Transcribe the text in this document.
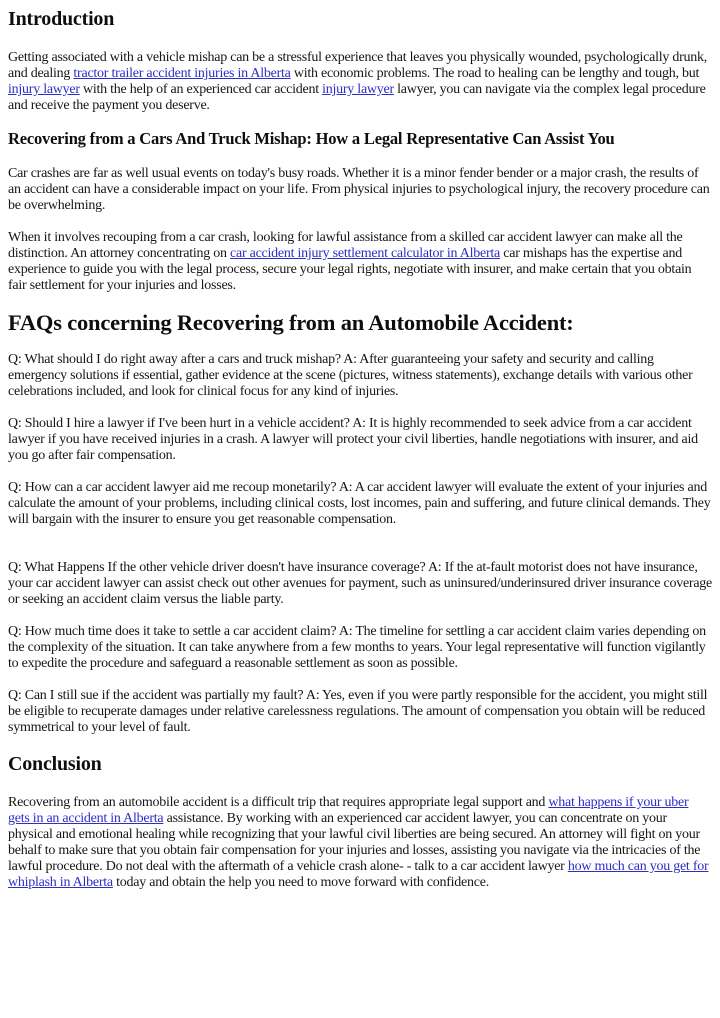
Introduction

Getting associated with a vehicle mishap can be a stressful experience that leaves you physically wounded, psychologically drunk, and dealing tractor trailer accident injuries in Alberta with economic problems. The road to healing can be lengthy and tough, but injury lawyer with the help of an experienced car accident injury lawyer lawyer, you can navigate via the complex legal procedure and receive the payment you deserve.

Recovering from a Cars And Truck Mishap: How a Legal Representative Can Assist You

Car crashes are far as well usual events on today's busy roads. Whether it is a minor fender bender or a major crash, the results of an accident can have a considerable impact on your life. From physical injuries to psychological injury, the recovery procedure can be overwhelming.

When it involves recouping from a car crash, looking for lawful assistance from a skilled car accident lawyer can make all the distinction. An attorney concentrating on car accident injury settlement calculator in Alberta car mishaps has the expertise and experience to guide you with the legal process, secure your legal rights, negotiate with insurer, and make certain that you obtain fair settlement for your injuries and losses.

FAQs concerning Recovering from an Automobile Accident:

Q: What should I do right away after a cars and truck mishap? A: After guaranteeing your safety and security and calling emergency solutions if essential, gather evidence at the scene (pictures, witness statements), exchange details with various other celebrations included, and look for clinical focus for any kind of injuries.

Q: Should I hire a lawyer if I've been hurt in a vehicle accident? A: It is highly recommended to seek advice from a car accident lawyer if you have received injuries in a crash. A lawyer will protect your civil liberties, handle negotiations with insurer, and aid you go after fair compensation.

Q: How can a car accident lawyer aid me recoup monetarily? A: A car accident lawyer will evaluate the extent of your injuries and calculate the amount of your problems, including clinical costs, lost incomes, pain and suffering, and future clinical demands. They will bargain with the insurer to ensure you get reasonable compensation.

Q: What Happens If the other vehicle driver doesn't have insurance coverage? A: If the at-fault motorist does not have insurance, your car accident lawyer can assist check out other avenues for payment, such as uninsured/underinsured driver insurance coverage or seeking an accident claim versus the liable party.

Q: How much time does it take to settle a car accident claim? A: The timeline for settling a car accident claim varies depending on the complexity of the situation. It can take anywhere from a few months to years. Your legal representative will function vigilantly to expedite the procedure and safeguard a reasonable settlement as soon as possible.

Q: Can I still sue if the accident was partially my fault? A: Yes, even if you were partly responsible for the accident, you might still be eligible to recuperate damages under relative carelessness regulations. The amount of compensation you obtain will be reduced symmetrical to your level of fault.

Conclusion

Recovering from an automobile accident is a difficult trip that requires appropriate legal support and what happens if your uber gets in an accident in Alberta assistance. By working with an experienced car accident lawyer, you can concentrate on your physical and emotional healing while recognizing that your lawful civil liberties are being secured. An attorney will fight on your behalf to make sure that you obtain fair compensation for your injuries and losses, assisting you navigate via the intricacies of the lawful procedure. Do not deal with the aftermath of a vehicle crash alone- - talk to a car accident lawyer how much can you get for whiplash in Alberta today and obtain the help you need to move forward with confidence.
